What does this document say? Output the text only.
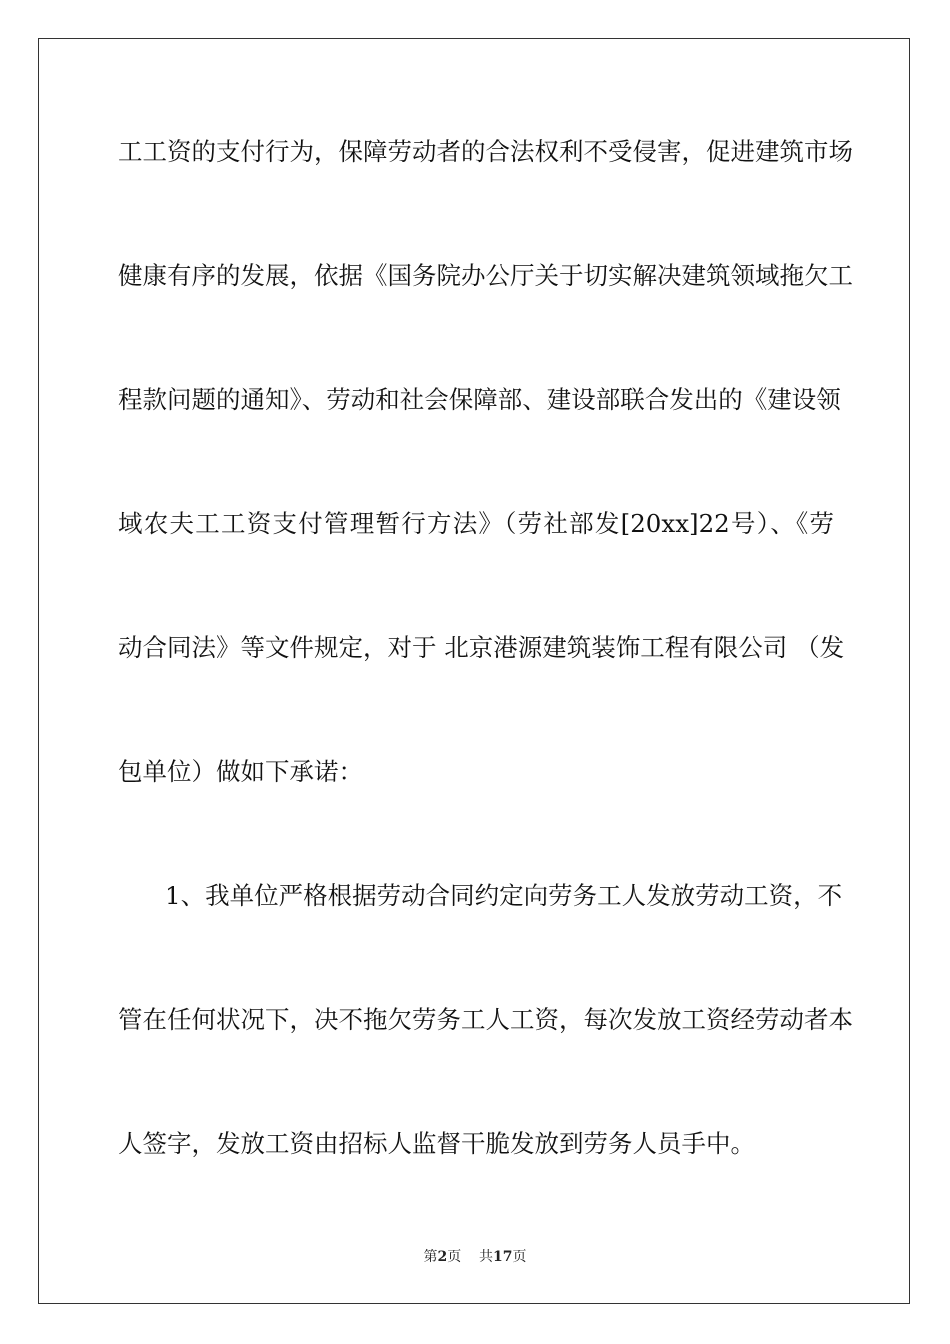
工工资的支付行为，保障劳动者的合法权利不受侵害，促进建筑市场
健康有序的发展，依据《国务院办公厅关于切实解决建筑领域拖欠工
程款问题的通知》、劳动和社会保障部、建设部联合发出的《建设领
域农夫工工资支付管理暂行方法》（劳社部发[20xx]22号）、《劳
动合同法》等文件规定，对于 北京港源建筑装饰工程有限公司 （发
包单位）做如下承诺：
1、我单位严格根据劳动合同约定向劳务工人发放劳动工资，不
管在任何状况下，决不拖欠劳务工人工资，每次发放工资经劳动者本
人签字，发放工资由招标人监督干脆发放到劳务人员手中。
第2页 共17页
